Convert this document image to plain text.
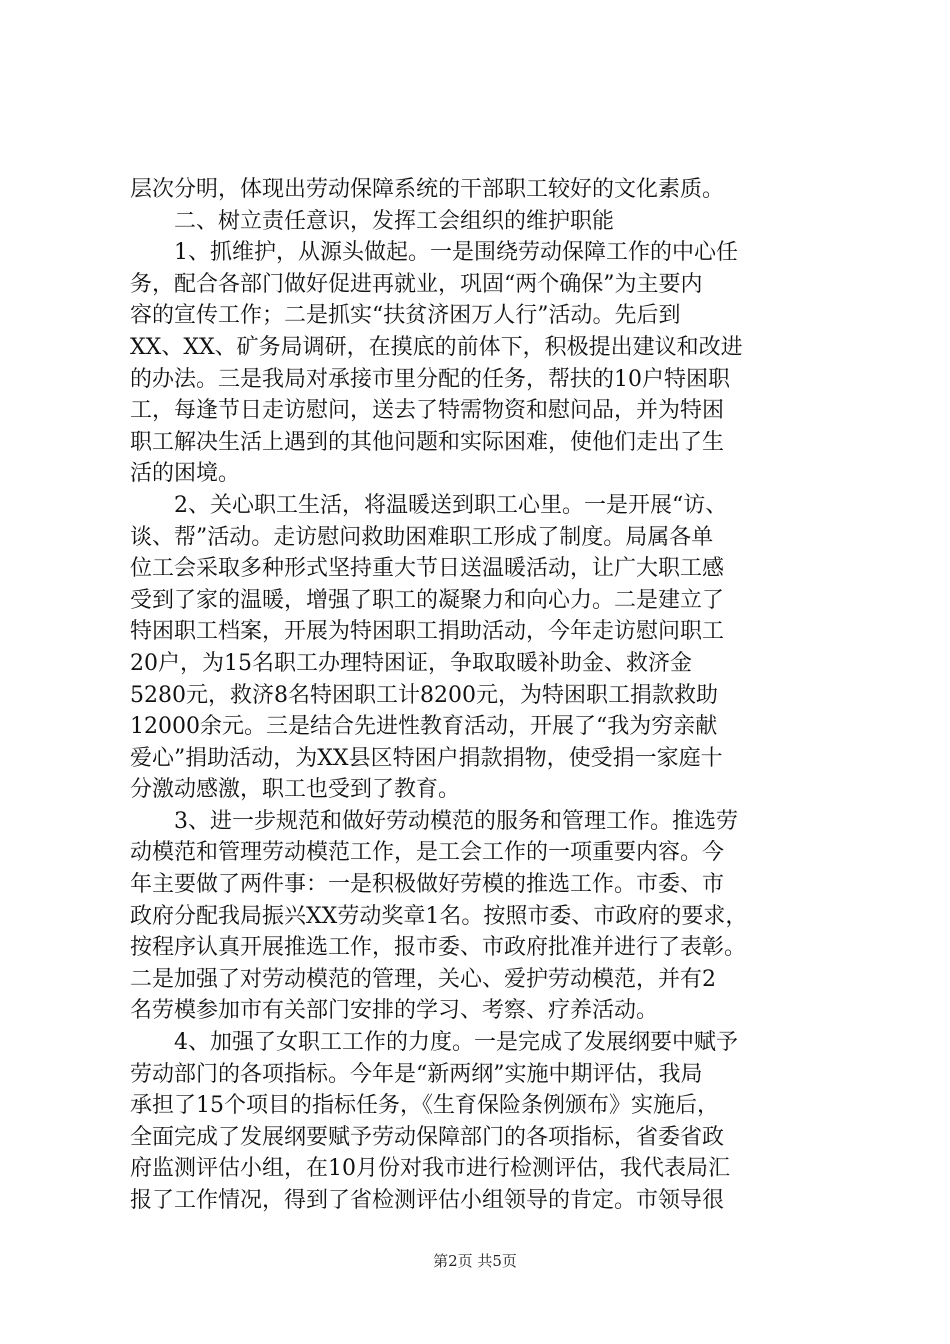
层次分明，体现出劳动保障系统的干部职工较好的文化素质。
　　二、树立责任意识，发挥工会组织的维护职能
　　1、抓维护，从源头做起。一是围绕劳动保障工作的中心任
务，配合各部门做好促进再就业，巩固“两个确保”为主要内
容的宣传工作；二是抓实“扶贫济困万人行”活动。先后到
XX、XX、矿务局调研，在摸底的前体下，积极提出建议和改进
的办法。三是我局对承接市里分配的任务，帮扶的10户特困职
工，每逢节日走访慰问，送去了特需物资和慰问品，并为特困
职工解决生活上遇到的其他问题和实际困难，使他们走出了生
活的困境。
　　2、关心职工生活，将温暖送到职工心里。一是开展“访、
谈、帮”活动。走访慰问救助困难职工形成了制度。局属各单
位工会采取多种形式坚持重大节日送温暖活动，让广大职工感
受到了家的温暖，增强了职工的凝聚力和向心力。二是建立了
特困职工档案，开展为特困职工捐助活动，今年走访慰问职工
20户，为15名职工办理特困证，争取取暖补助金、救济金
5280元，救济8名特困职工计8200元，为特困职工捐款救助
12000余元。三是结合先进性教育活动，开展了“我为穷亲献
爱心”捐助活动，为XX县区特困户捐款捐物，使受捐一家庭十
分激动感激，职工也受到了教育。
　　3、进一步规范和做好劳动模范的服务和管理工作。推选劳
动模范和管理劳动模范工作，是工会工作的一项重要内容。今
年主要做了两件事：一是积极做好劳模的推选工作。市委、市
政府分配我局振兴XX劳动奖章1名。按照市委、市政府的要求，
按程序认真开展推选工作，报市委、市政府批准并进行了表彰。
二是加强了对劳动模范的管理，关心、爱护劳动模范，并有2
名劳模参加市有关部门安排的学习、考察、疗养活动。
　　4、加强了女职工工作的力度。一是完成了发展纲要中赋予
劳动部门的各项指标。今年是“新两纲”实施中期评估，我局
承担了15个项目的指标任务，《生育保险条例颁布》实施后，
全面完成了发展纲要赋予劳动保障部门的各项指标，省委省政
府监测评估小组，在10月份对我市进行检测评估，我代表局汇
报了工作情况，得到了省检测评估小组领导的肯定。市领导很
第2页 共5页
